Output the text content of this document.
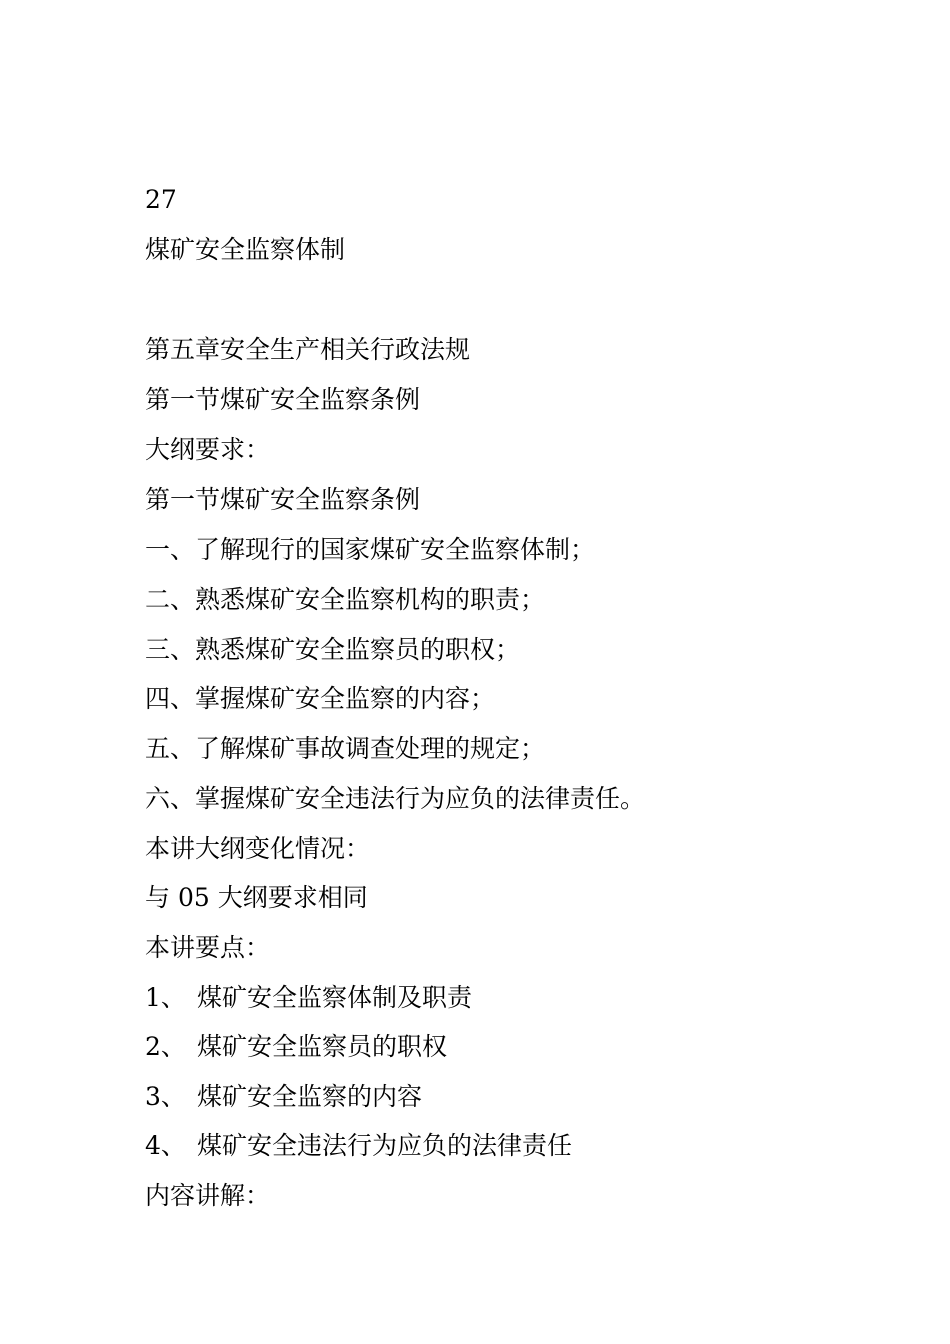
27
煤矿安全监察体制
第五章安全生产相关行政法规
第一节煤矿安全监察条例
大纲要求：
第一节煤矿安全监察条例
一、了解现行的国家煤矿安全监察体制；
二、熟悉煤矿安全监察机构的职责；
三、熟悉煤矿安全监察员的职权；
四、掌握煤矿安全监察的内容；
五、了解煤矿事故调查处理的规定；
六、掌握煤矿安全违法行为应负的法律责任。
本讲大纲变化情况：
与 05 大纲要求相同
本讲要点：
1、 煤矿安全监察体制及职责
2、 煤矿安全监察员的职权
3、 煤矿安全监察的内容
4、 煤矿安全违法行为应负的法律责任
内容讲解：
